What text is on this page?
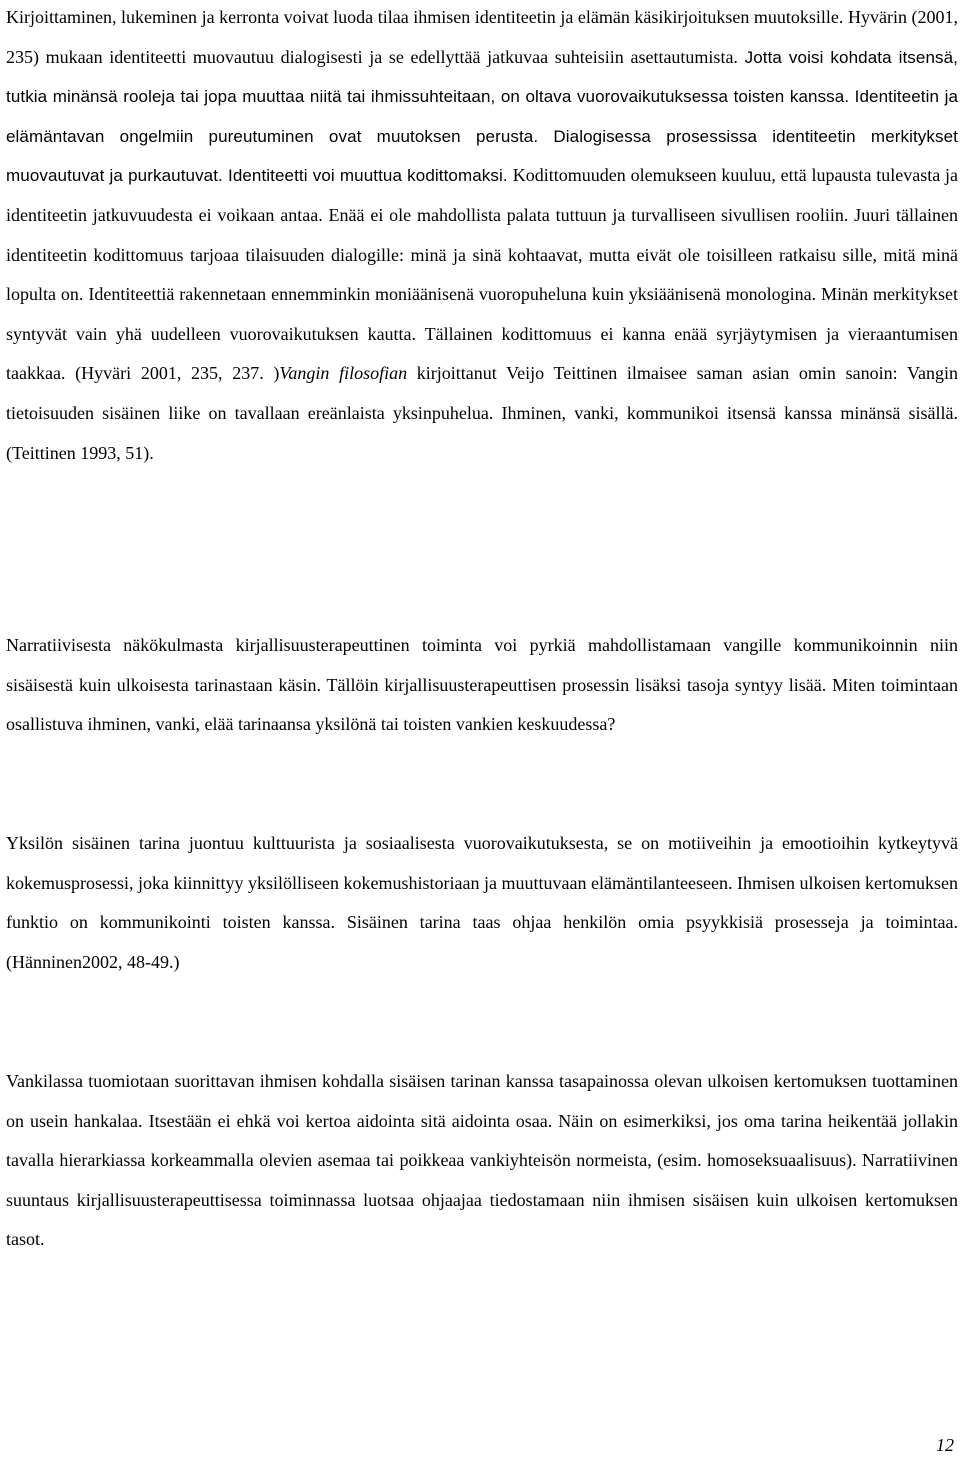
Kirjoittaminen, lukeminen ja kerronta voivat luoda tilaa ihmisen identiteetin ja elämän käsikirjoituksen muutoksille. Hyvärin (2001, 235) mukaan identiteetti muovautuu dialogisesti ja se edellyttää jatkuvaa suhteisiin asettautumista. Jotta voisi kohdata itsensä, tutkia minänsä rooleja tai jopa muuttaa niitä tai ihmissuhteitaan, on oltava vuorovaikutuksessa toisten kanssa. Identiteetin ja elämäntavan ongelmiin pureutuminen ovat muutoksen perusta. Dialogisessa prosessissa identiteetin merkitykset muovautuvat ja purkautuvat. Identiteetti voi muuttua kodittomaksi. Kodittomuuden olemukseen kuuluu, että lupausta tulevasta ja identiteetin jatkuvuudesta ei voikaan antaa. Enää ei ole mahdollista palata tuttuun ja turvalliseen sivullisen rooliin. Juuri tällainen identiteetin kodittomuus tarjoaa tilaisuuden dialogille: minä ja sinä kohtaavat, mutta eivät ole toisilleen ratkaisu sille, mitä minä lopulta on. Identiteettiä rakennetaan ennemminkin moniäänisenä vuoropuheluna kuin yksiäänisenä monologina. Minän merkitykset syntyvät vain yhä uudelleen vuorovaikutuksen kautta. Tällainen kodittomuus ei kanna enää syrjäytymisen ja vieraantumisen taakkaa. (Hyväri 2001, 235, 237. )Vangin filosofian kirjoittanut Veijo Teittinen ilmaisee saman asian omin sanoin: Vangin tietoisuuden sisäinen liike on tavallaan ereänlaista yksinpuhelua. Ihminen, vanki, kommunikoi itsensä kanssa minänsä sisällä. (Teittinen 1993, 51).

Narratiivisesta näkökulmasta kirjallisuusterapeuttinen toiminta voi pyrkiä mahdollistamaan vangille kommunikoinnin niin sisäisestä kuin ulkoisesta tarinastaan käsin. Tällöin kirjallisuusterapeuttisen prosessin lisäksi tasoja syntyy lisää. Miten toimintaan osallistuva ihminen, vanki, elää tarinaansa yksilönä tai toisten vankien keskuudessa?

Yksilön sisäinen tarina juontuu kulttuurista ja sosiaalisesta vuorovaikutuksesta, se on motiiveihin ja emootioihin kytkeytyvä kokemusprosessi, joka kiinnittyy yksilölliseen kokemushistoriaan ja muuttuvaan elämäntilanteeseen. Ihmisen ulkoisen kertomuksen funktio on kommunikointi toisten kanssa. Sisäinen tarina taas ohjaa henkilön omia psyykkisiä prosesseja ja toimintaa. (Hänninen2002, 48-49.)

Vankilassa tuomiotaan suorittavan ihmisen kohdalla sisäisen tarinan kanssa tasapainossa olevan ulkoisen kertomuksen tuottaminen on usein hankalaa. Itsestään ei ehkä voi kertoa aidointa sitä aidointa osaa. Näin on esimerkiksi, jos oma tarina heikentää jollakin tavalla hierarkiassa korkeammalla olevien asemaa tai poikkeaa vankiyhteisön normeista, (esim. homoseksuaalisuus). Narratiivinen suuntaus kirjallisuusterapeuttisessa toiminnassa luotsaa ohjaajaa tiedostamaan niin ihmisen sisäisen kuin ulkoisen kertomuksen tasot.

12
